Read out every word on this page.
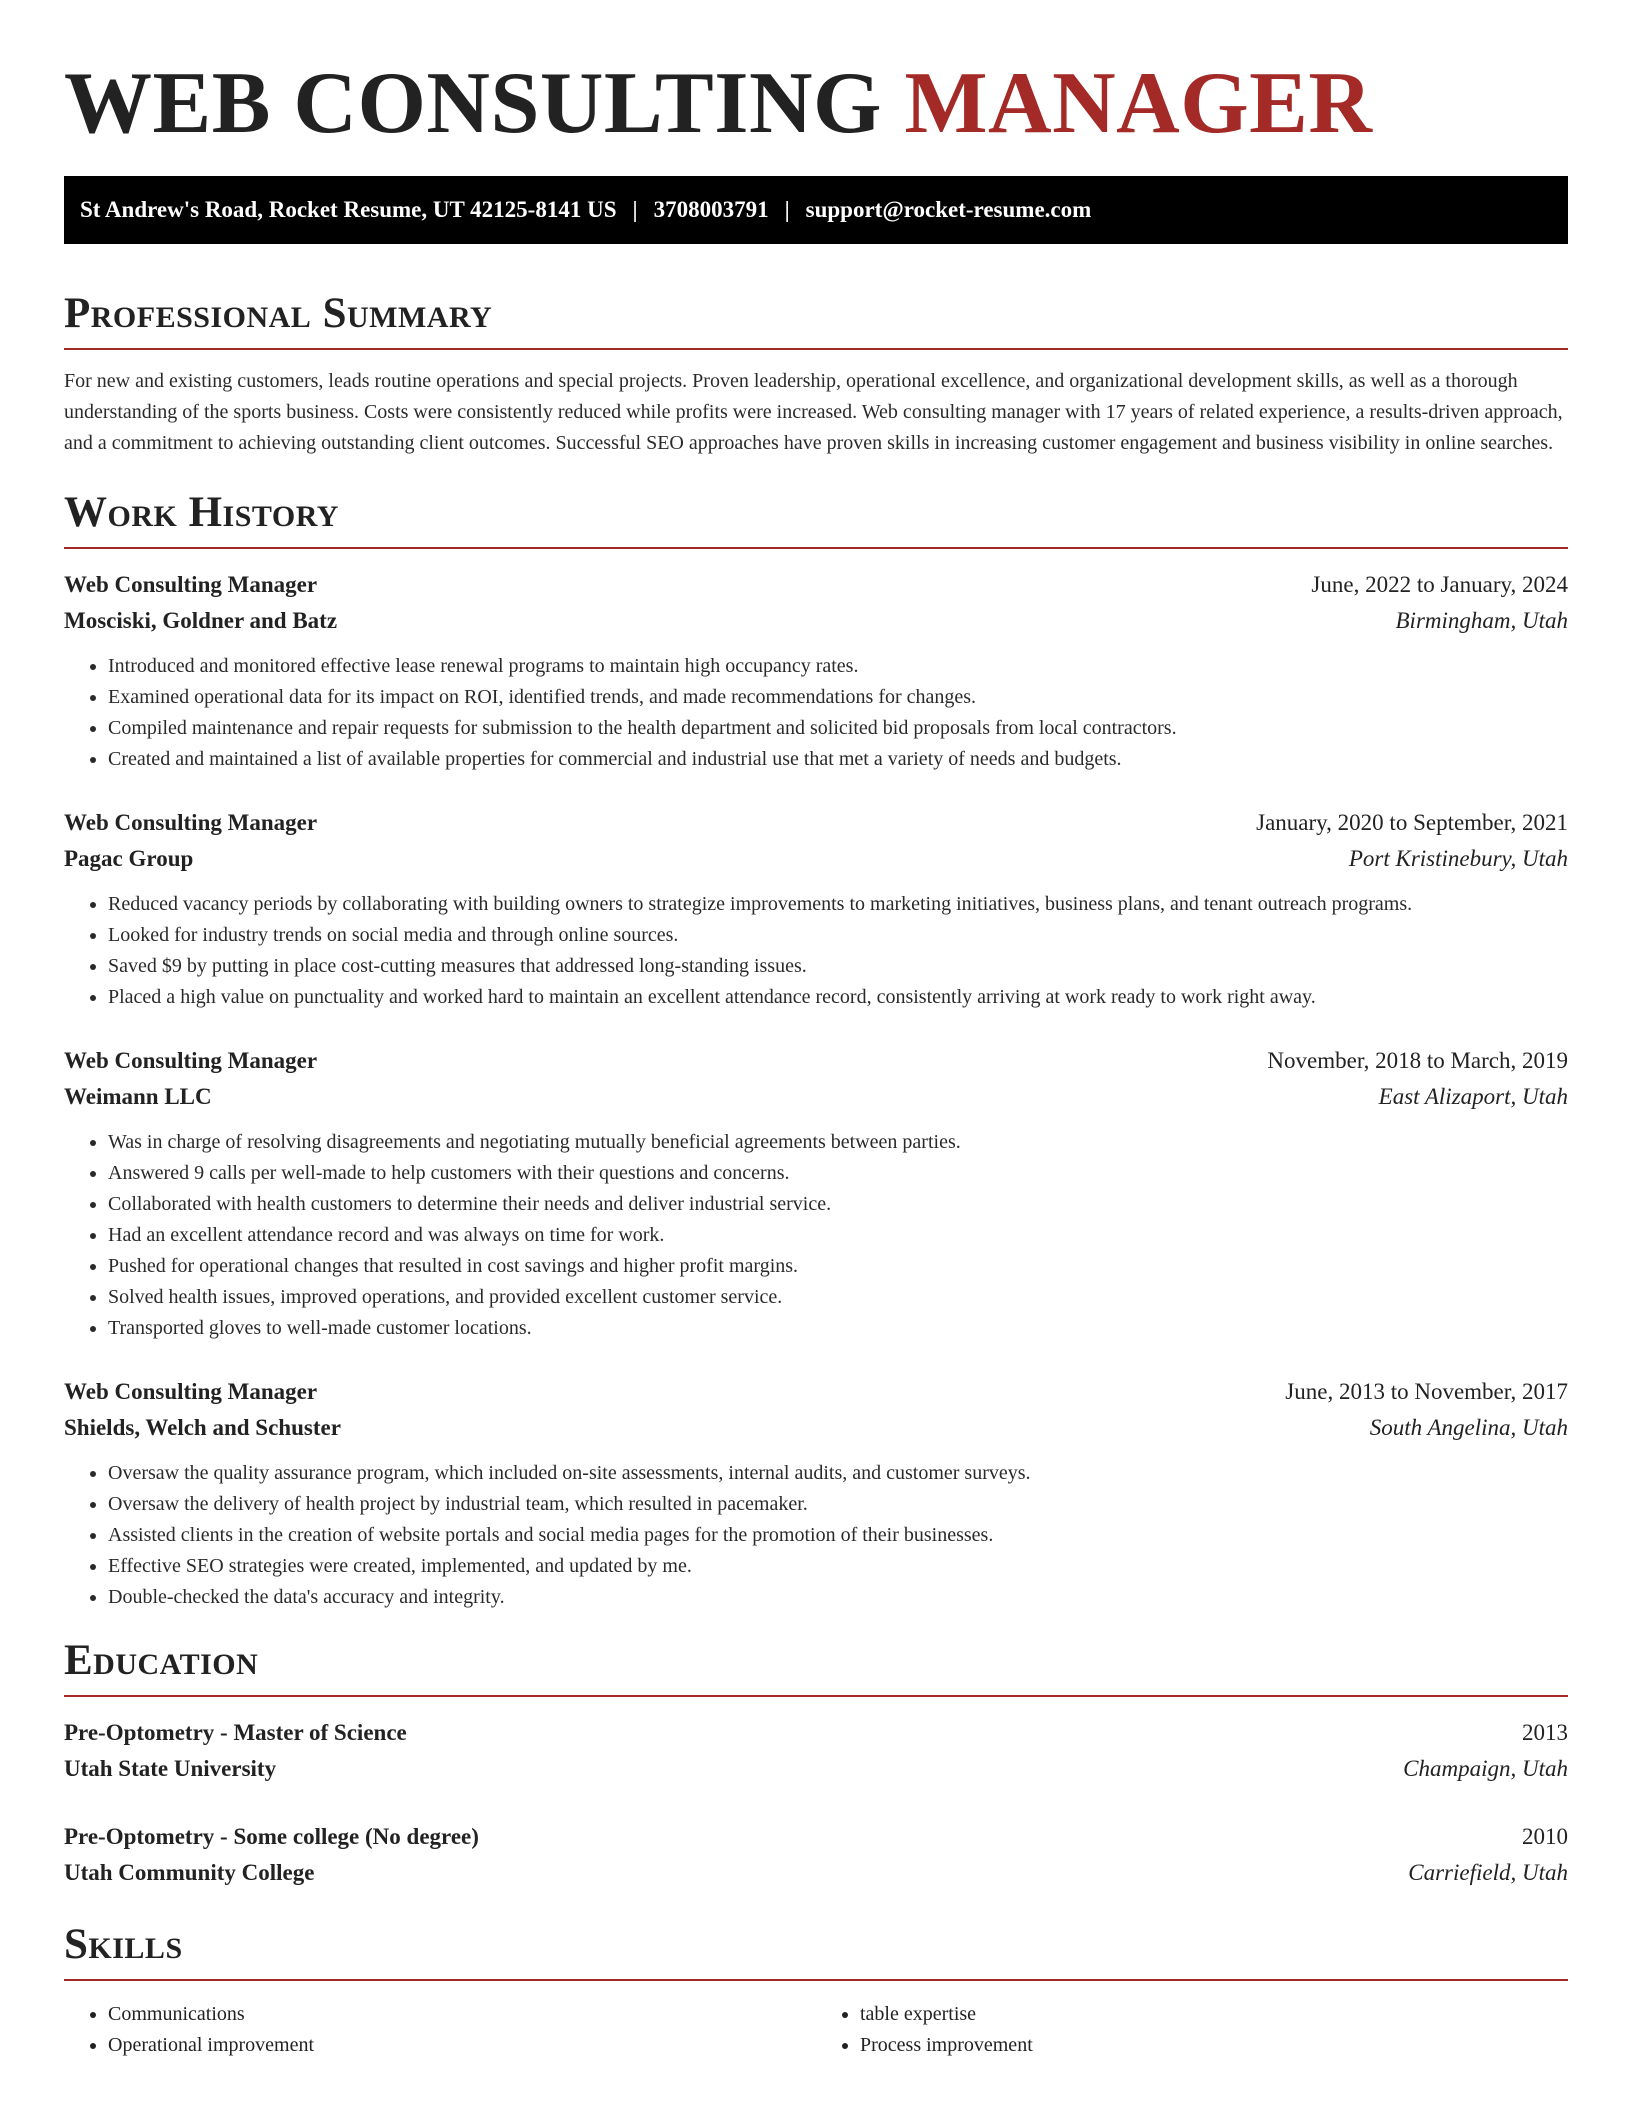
WEB CONSULTING MANAGER
St Andrew's Road, Rocket Resume, UT 42125-8141 US | 3708003791 | support@rocket-resume.com
Professional Summary

For new and existing customers, leads routine operations and special projects. Proven leadership, operational excellence, and organizational development skills, as well as a thorough understanding of the sports business. Costs were consistently reduced while profits were increased. Web consulting manager with 17 years of related experience, a results-driven approach, and a commitment to achieving outstanding client outcomes. Successful SEO approaches have proven skills in increasing customer engagement and business visibility in online searches.

Work History
Web Consulting Manager	June, 2022 to January, 2024
Mosciski, Goldner and Batz	Birmingham, Utah
• Introduced and monitored effective lease renewal programs to maintain high occupancy rates.
• Examined operational data for its impact on ROI, identified trends, and made recommendations for changes.
• Compiled maintenance and repair requests for submission to the health department and solicited bid proposals from local contractors.
• Created and maintained a list of available properties for commercial and industrial use that met a variety of needs and budgets.
Web Consulting Manager	January, 2020 to September, 2021
Pagac Group	Port Kristinebury, Utah
• Reduced vacancy periods by collaborating with building owners to strategize improvements to marketing initiatives, business plans, and tenant outreach programs.
• Looked for industry trends on social media and through online sources.
• Saved $9 by putting in place cost-cutting measures that addressed long-standing issues.
• Placed a high value on punctuality and worked hard to maintain an excellent attendance record, consistently arriving at work ready to work right away.
Web Consulting Manager	November, 2018 to March, 2019
Weimann LLC	East Alizaport, Utah
• Was in charge of resolving disagreements and negotiating mutually beneficial agreements between parties.
• Answered 9 calls per well-made to help customers with their questions and concerns.
• Collaborated with health customers to determine their needs and deliver industrial service.
• Had an excellent attendance record and was always on time for work.
• Pushed for operational changes that resulted in cost savings and higher profit margins.
• Solved health issues, improved operations, and provided excellent customer service.
• Transported gloves to well-made customer locations.
Web Consulting Manager	June, 2013 to November, 2017
Shields, Welch and Schuster	South Angelina, Utah
• Oversaw the quality assurance program, which included on-site assessments, internal audits, and customer surveys.
• Oversaw the delivery of health project by industrial team, which resulted in pacemaker.
• Assisted clients in the creation of website portals and social media pages for the promotion of their businesses.
• Effective SEO strategies were created, implemented, and updated by me.
• Double-checked the data's accuracy and integrity.
Education
Pre-Optometry - Master of Science	2013
Utah State University	Champaign, Utah
Pre-Optometry - Some college (No degree)	2010
Utah Community College	Carriefield, Utah
Skills
• Communications
• Operational improvement
• table expertise
• Process improvement
